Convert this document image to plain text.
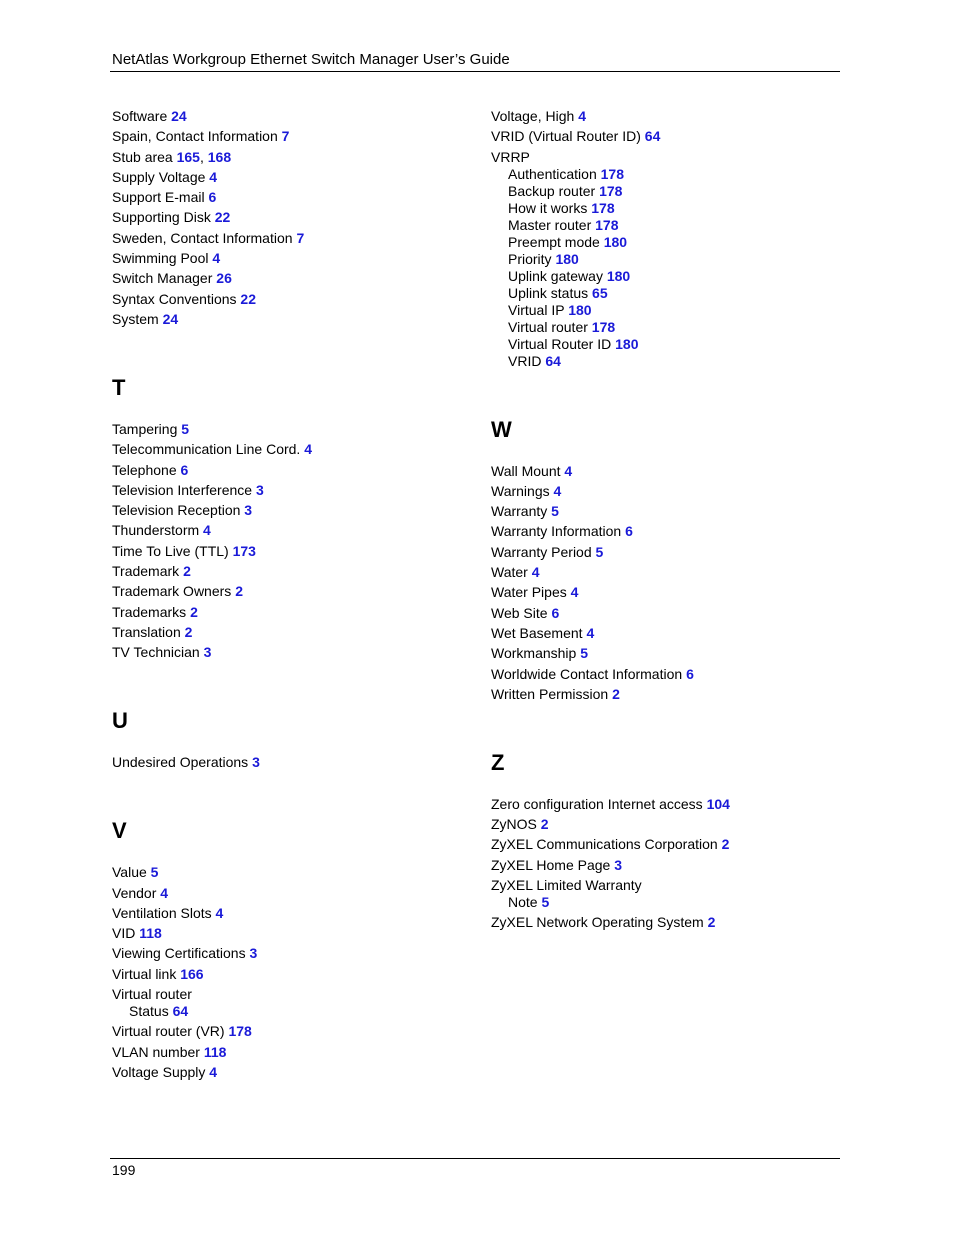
NetAtlas Workgroup Ethernet Switch Manager User’s Guide
Software 24
Spain, Contact Information 7
Stub area 165, 168
Supply Voltage 4
Support E-mail 6
Supporting Disk 22
Sweden, Contact Information 7
Swimming Pool 4
Switch Manager 26
Syntax Conventions 22
System 24
T
Tampering 5
Telecommunication Line Cord. 4
Telephone 6
Television Interference 3
Television Reception 3
Thunderstorm 4
Time To Live (TTL) 173
Trademark 2
Trademark Owners 2
Trademarks 2
Translation 2
TV Technician 3
U
Undesired Operations 3
V
Value 5
Vendor 4
Ventilation Slots 4
VID 118
Viewing Certifications 3
Virtual link 166
Virtual router
Status 64
Virtual router (VR) 178
VLAN number 118
Voltage Supply 4
Voltage, High 4
VRID (Virtual Router ID) 64
VRRP
Authentication 178
Backup router 178
How it works 178
Master router 178
Preempt mode 180
Priority 180
Uplink gateway 180
Uplink status 65
Virtual IP 180
Virtual router 178
Virtual Router ID 180
VRID 64
W
Wall Mount 4
Warnings 4
Warranty 5
Warranty Information 6
Warranty Period 5
Water 4
Water Pipes 4
Web Site 6
Wet Basement 4
Workmanship 5
Worldwide Contact Information 6
Written Permission 2
Z
Zero configuration Internet access 104
ZyNOS 2
ZyXEL Communications Corporation 2
ZyXEL Home Page 3
ZyXEL Limited Warranty
Note 5
ZyXEL Network Operating System 2
199
